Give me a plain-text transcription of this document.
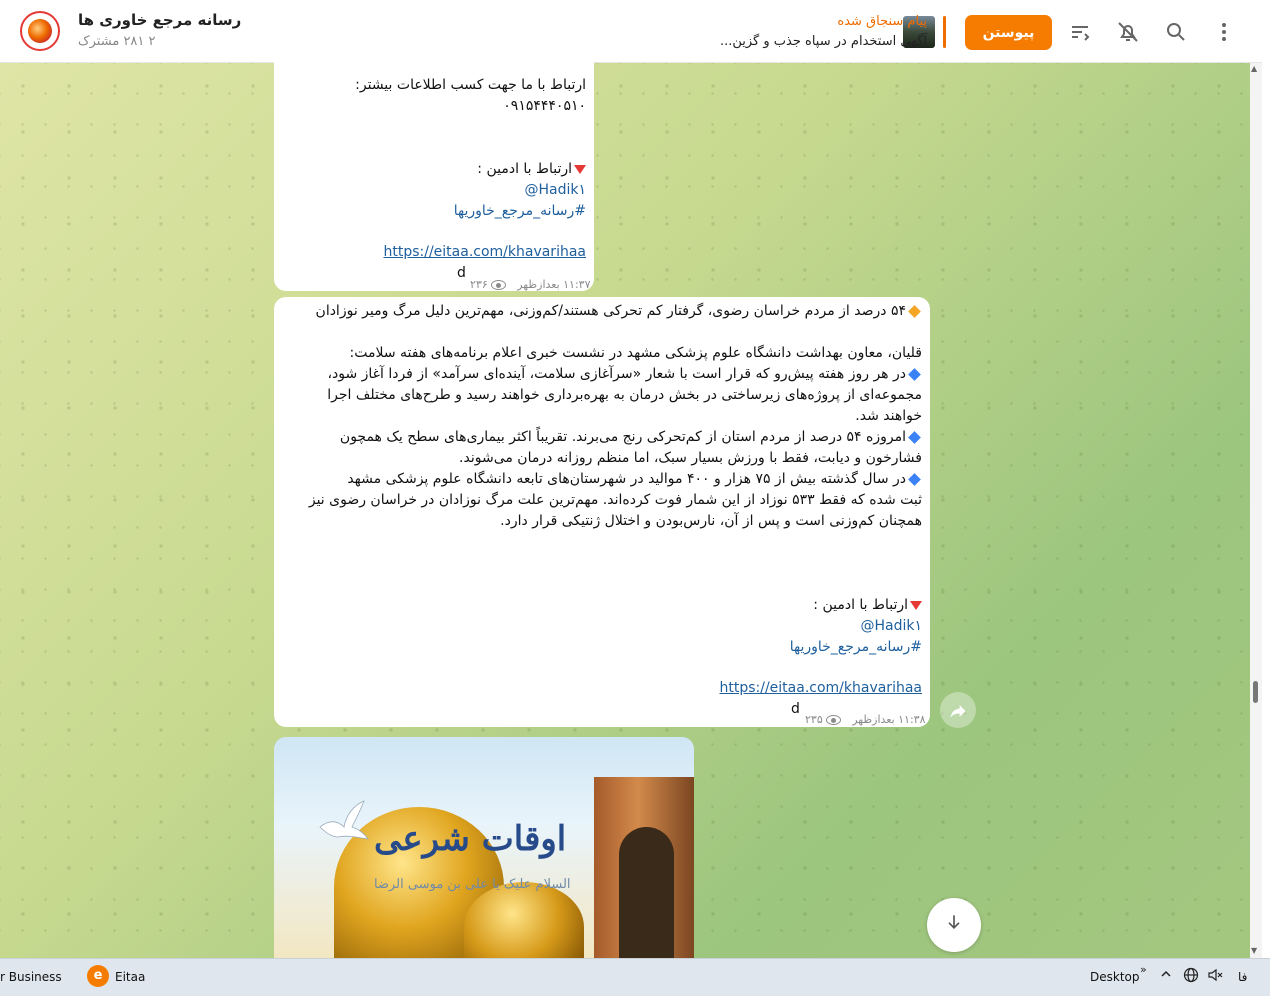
رسانه مرجع خاوری ها
۲ ۲۸۱ مشترک
پیام سنجاق شده
آگهی استخدام در سپاه جذب و گزین...
پیوستن
ارتباط با ما جهت کسب اطلاعات بیشتر:
۰۹۱۵۴۴۴۰۵۱۰
ارتباط با ادمین :
@Hadik۱
#رسانه_مرجع_خاوریها
https://eitaa.com/khavarihaa
d
۱۱:۳۷ بعدازظهر   ۲۳۶
۵۴ درصد از مردم خراسان رضوی، گرفتار کم تحرکی هستند/کم‌وزنی، مهم‌ترین دلیل مرگ ومیر نوزادان
قلیان، معاون بهداشت دانشگاه علوم پزشکی مشهد در نشست خبری اعلام برنامه‌های هفته سلامت:
در هر روز هفته پیش‌رو که قرار است با شعار «سرآغازی سلامت، آینده‌ای سرآمد» از فردا آغاز شود،
مجموعه‌ای از پروژه‌های زیرساختی در بخش درمان به بهره‌برداری خواهند رسید و طرح‌های مختلف اجرا
خواهند شد.
امروزه ۵۴ درصد از مردم استان از کم‌تحرکی رنج می‌برند. تقریباً اکثر بیماری‌های سطح یک همچون
فشارخون و دیابت، فقط با ورزش بسیار سبک، اما منظم روزانه درمان می‌شوند.
در سال گذشته بیش از ۷۵ هزار و ۴۰۰ موالید در شهرستان‌های تابعه دانشگاه علوم پزشکی مشهد
ثبت شده که فقط ۵۳۳ نوزاد از این شمار فوت کرده‌اند. مهم‌ترین علت مرگ نوزادان در خراسان رضوی نیز
همچنان کم‌وزنی است و پس از آن، نارس‌بودن و اختلال ژنتیکی قرار دارد.
ارتباط با ادمین :
@Hadik۱
#رسانه_مرجع_خاوریها
https://eitaa.com/khavarihaa
d
۱۱:۳۸ بعدازظهر   ۲۳۵
اوقات شرعی
السلام علیک یا علی بن موسی الرضا
▲
▼
r Business	Eitaa	Desktop	فا
e	»
